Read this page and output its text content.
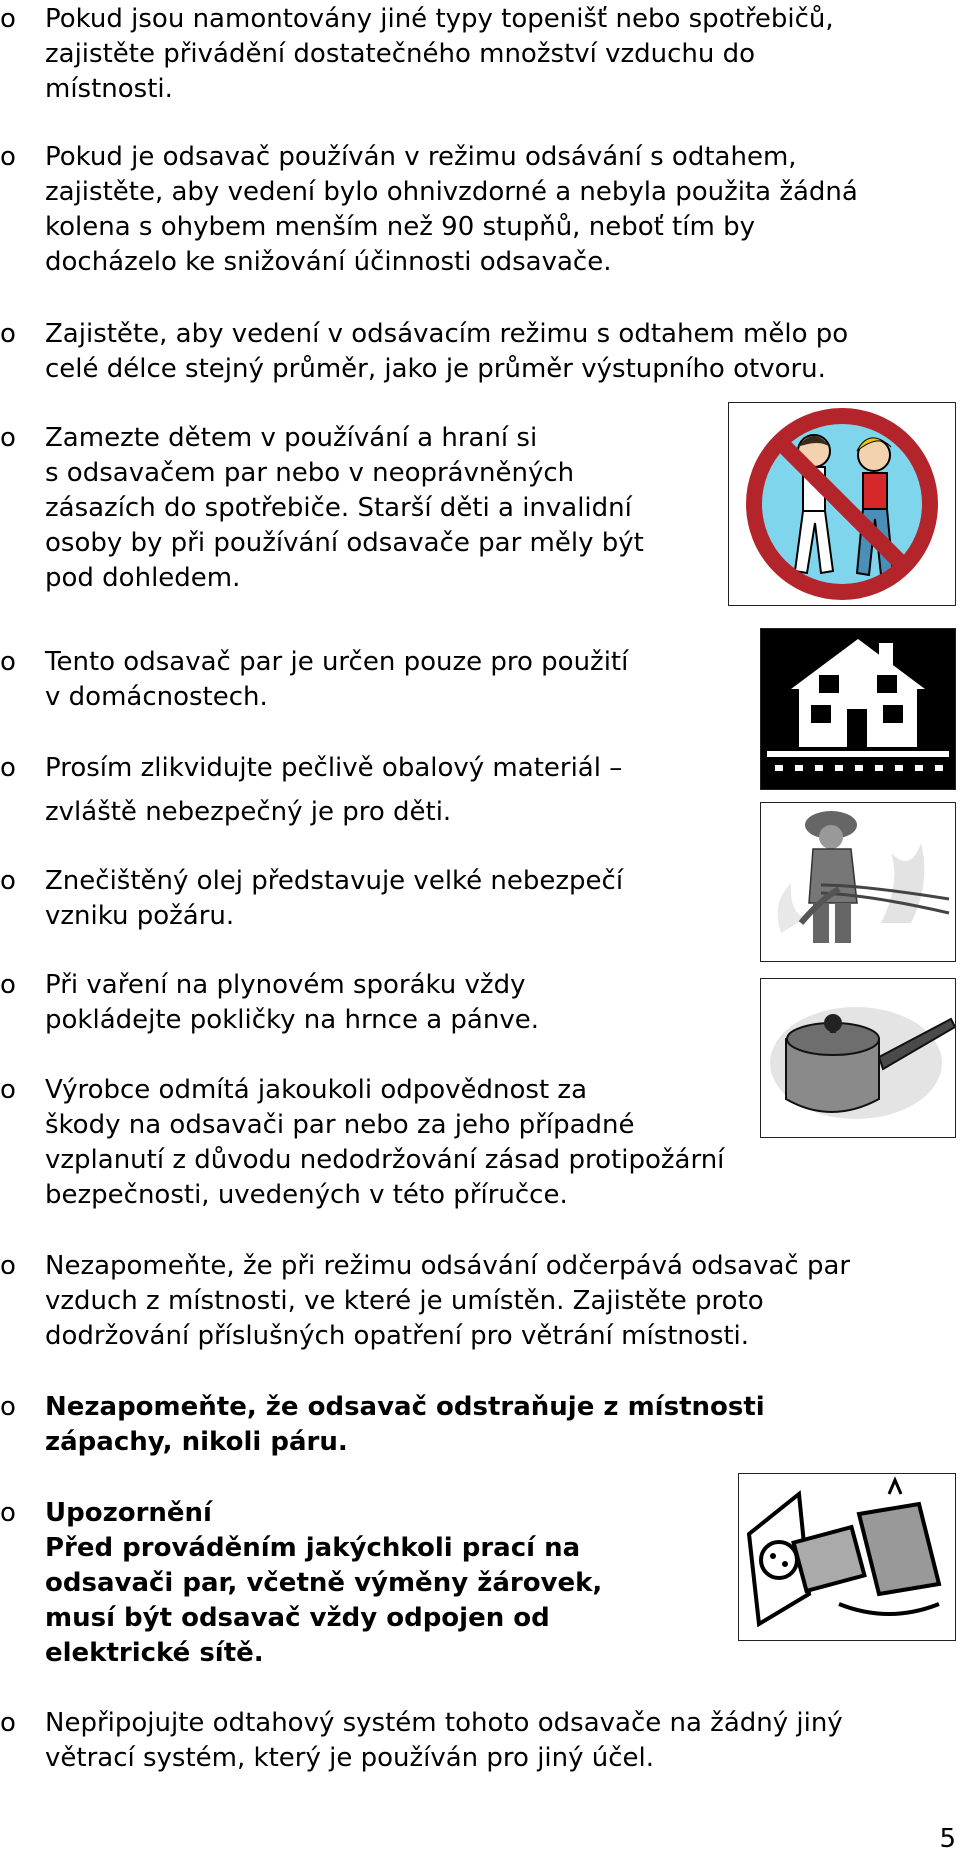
o Pokud jsou namontovány jiné typy topenišť nebo spotřebičů,
zajistěte přivádění dostatečného množství vzduchu do
místnosti.
o Pokud je odsavač používán v režimu odsávání s odtahem,
zajistěte, aby vedení bylo ohnivzdorné a nebyla použita žádná
kolena s ohybem menším než 90 stupňů, neboť tím by
docházelo ke snižování účinnosti odsavače.
o Zajistěte, aby vedení v odsávacím režimu s odtahem mělo po
celé délce stejný průměr, jako je průměr výstupního otvoru.
o Zamezte dětem v používání a hraní si
s odsavačem par nebo v neoprávněných
zásazích do spotřebiče. Starší děti a invalidní
osoby by při používání odsavače par měly být
pod dohledem.
o Tento odsavač par je určen pouze pro použití
v domácnostech.
o Prosím zlikvidujte pečlivě obalový materiál –
zvláště nebezpečný je pro děti.
o Znečištěný olej představuje velké nebezpečí
vzniku požáru.
o Při vaření na plynovém sporáku vždy
pokládejte pokličky na hrnce a pánve.
o Výrobce odmítá jakoukoli odpovědnost za
škody na odsavači par nebo za jeho případné
vzplanutí z důvodu nedodržování zásad protipožární
bezpečnosti, uvedených v této příručce.
o Nezapomeňte, že při režimu odsávání odčerpává odsavač par
vzduch z místnosti, ve které je umístěn. Zajistěte proto
dodržování příslušných opatření pro větrání místnosti.
o Nezapomeňte, že odsavač odstraňuje z místnosti
zápachy, nikoli páru.
o Upozornění
Před prováděním jakýchkoli prací na
odsavači par, včetně výměny žárovek,
musí být odsavač vždy odpojen od
elektrické sítě.
o Nepřipojujte odtahový systém tohoto odsavače na žádný jiný
větrací systém, který je používán pro jiný účel.
5
